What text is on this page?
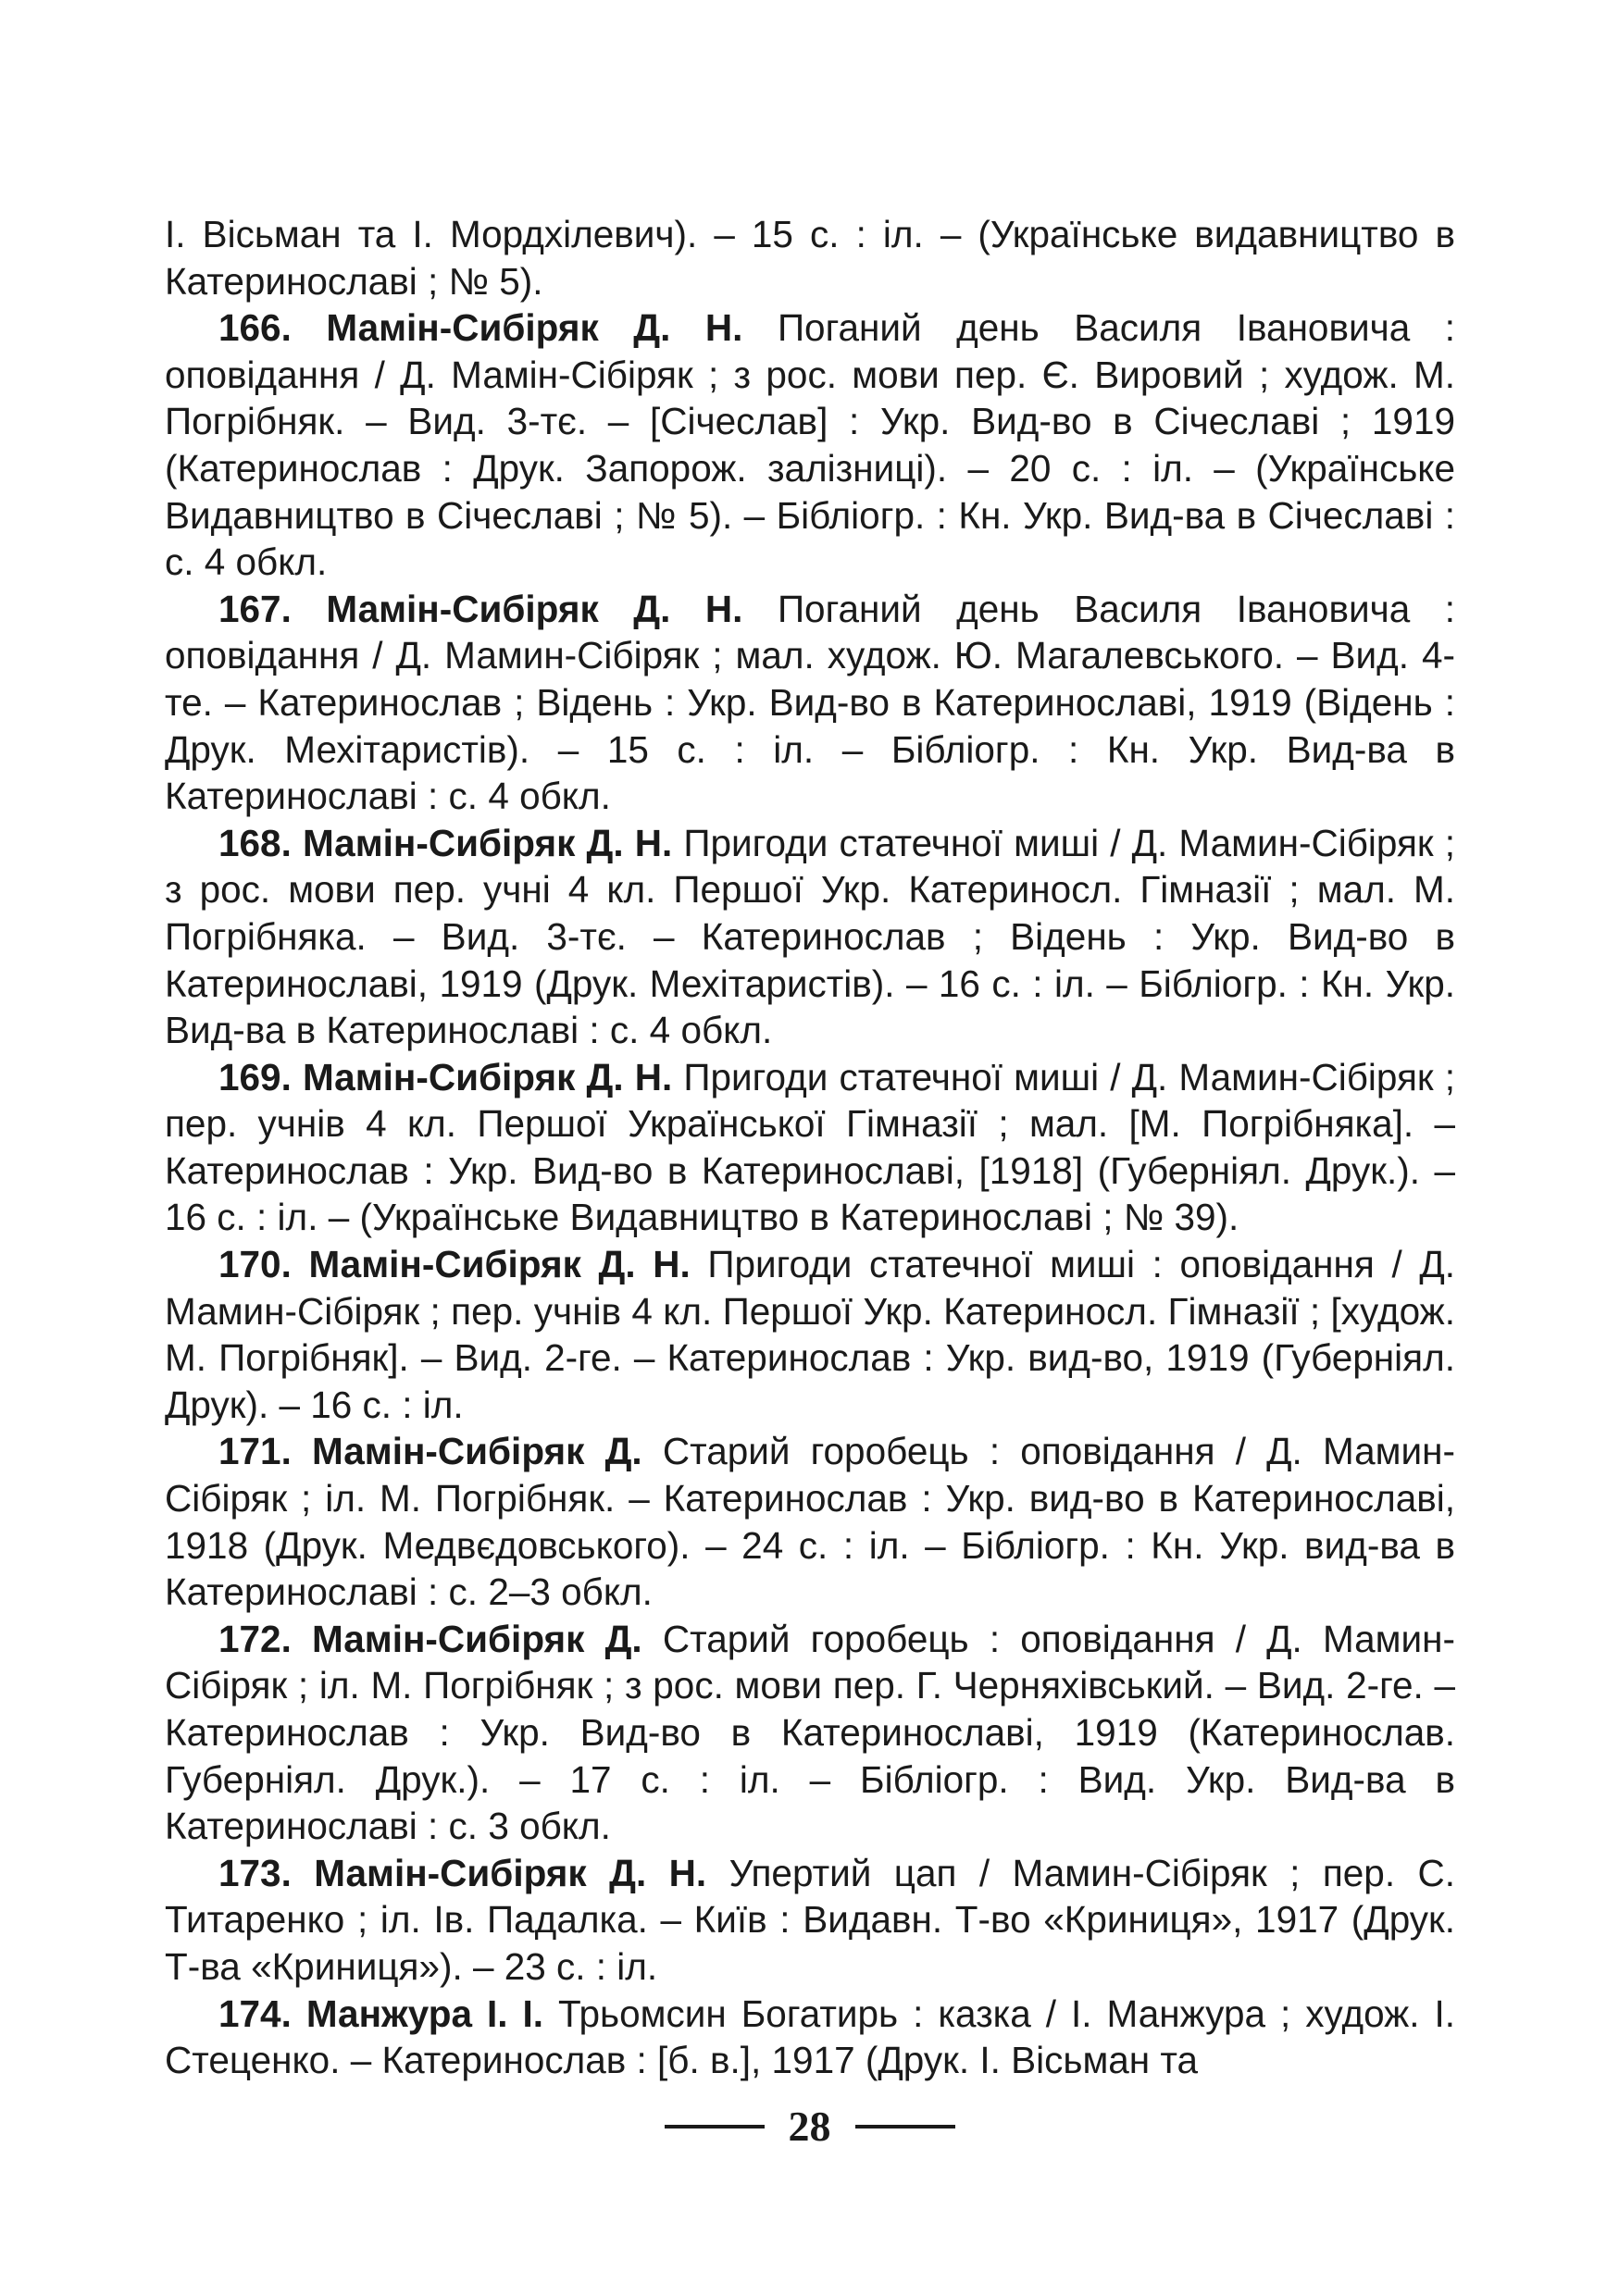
І. Вісьман та І. Мордхілевич). – 15 с. : іл. – (Українське видавництво в Катеринославі ; № 5).

166. Мамін-Сибіряк Д. Н. Поганий день Василя Івановича : оповідання / Д. Мамін-Сібіряк ; з рос. мови пер. Є. Вировий ; худож. М. Погрібняк. – Вид. 3-тє. – [Січеслав] : Укр. Вид-во в Січеславі ; 1919 (Катеринослав : Друк. Запорож. залізниці). – 20 с. : іл. – (Українське Видавництво в Січеславі ; № 5). – Бібліогр. : Кн. Укр. Вид-ва в Січеславі : с. 4 обкл.

167. Мамін-Сибіряк Д. Н. Поганий день Василя Івановича : оповідання / Д. Мамин-Сібіряк ; мал. худож. Ю. Магалевського. – Вид. 4-те. – Катеринослав ; Відень : Укр. Вид-во в Катеринославі, 1919 (Відень : Друк. Мехітаристів). – 15 с. : іл. – Бібліогр. : Кн. Укр. Вид-ва в Катеринославі : с. 4 обкл.

168. Мамін-Сибіряк Д. Н. Пригоди статечної миші / Д. Мамин-Сібіряк ; з рос. мови пер. учні 4 кл. Першої Укр. Катериносл. Гімназії ; мал. М. Погрібняка. – Вид. 3-тє. – Катеринослав ; Відень : Укр. Вид-во в Катеринославі, 1919 (Друк. Мехітаристів). – 16 с. : іл. – Бібліогр. : Кн. Укр. Вид-ва в Катеринославі : с. 4 обкл.

169. Мамін-Сибіряк Д. Н. Пригоди статечної миші / Д. Мамин-Сібіряк ; пер. учнів 4 кл. Першої Української Гімназії ; мал. [М. Погрібняка]. – Катеринослав : Укр. Вид-во в Катеринославі, [1918] (Губерніял. Друк.). – 16 с. : іл. – (Українське Видавництво в Катеринославі ; № 39).

170. Мамін-Сибіряк Д. Н. Пригоди статечної миші : оповідання / Д. Мамин-Сібіряк ; пер. учнів 4 кл. Першої Укр. Катериносл. Гімназії ; [худож. М. Погрібняк]. – Вид. 2-ге. – Катеринослав : Укр. вид-во, 1919 (Губерніял. Друк). – 16 с. : іл.

171. Мамін-Сибіряк Д. Старий горобець : оповідання / Д. Мамин-Сібіряк ; іл. М. Погрібняк. – Катеринослав : Укр. вид-во в Катеринославі, 1918 (Друк. Медвєдовського). – 24 с. : іл. – Бібліогр. : Кн. Укр. вид-ва в Катеринославі : с. 2–3 обкл.

172. Мамін-Сибіряк Д. Старий горобець : оповідання / Д. Мамин-Сібіряк ; іл. М. Погрібняк ; з рос. мови пер. Г. Черняхівський. – Вид. 2-ге. – Катеринослав : Укр. Вид-во в Катеринославі, 1919 (Катеринослав. Губерніял. Друк.). – 17 с. : іл. – Бібліогр. : Вид. Укр. Вид-ва в Катеринославі : с. 3 обкл.

173. Мамін-Сибіряк Д. Н. Упертий цап / Мамин-Сібіряк ; пер. С. Титаренко ; іл. Ів. Падалка. – Київ : Видавн. Т-во «Криниця», 1917 (Друк. Т-ва «Криниця»). – 23 с. : іл.

174. Манжура І. І. Трьомсин Богатирь : казка / І. Манжура ; худож. І. Стеценко. – Катеринослав : [б. в.], 1917 (Друк. І. Вісьман та

28
